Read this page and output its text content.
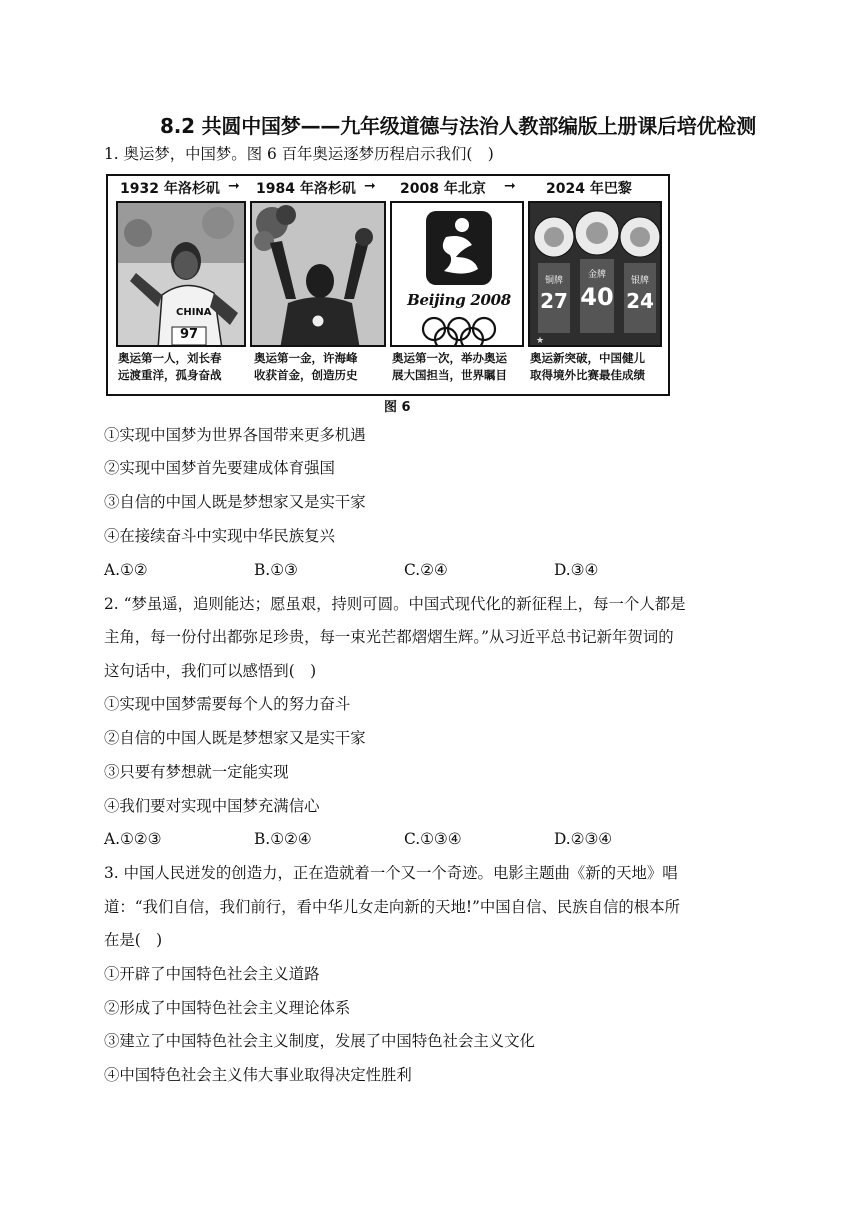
8.2 共圆中国梦——九年级道德与法治人教部编版上册课后培优检测
1. 奥运梦，中国梦。图 6 百年奥运逐梦历程启示我们(　)
1932 年洛杉矶 ➞ 1984 年洛杉矶 ➞ 2008 年北京 ➞ 2024 年巴黎
CHINA
97
Beijing 2008
★
铜牌
27
金牌
40
银牌
24
奥运第一人，刘长春
远渡重洋，孤身奋战
奥运第一金，许海峰
收获首金，创造历史
奥运第一次，举办奥运
展大国担当，世界瞩目
奥运新突破，中国健儿
取得境外比赛最佳成绩
图 6
①实现中国梦为世界各国带来更多机遇
②实现中国梦首先要建成体育强国
③自信的中国人既是梦想家又是实干家
④在接续奋斗中实现中华民族复兴
A.①②	B.①③	C.②④	D.③④
2. “梦虽遥，追则能达；愿虽艰，持则可圆。中国式现代化的新征程上，每一个人都是
主角，每一份付出都弥足珍贵，每一束光芒都熠熠生辉。”从习近平总书记新年贺词的
这句话中，我们可以感悟到(　)
①实现中国梦需要每个人的努力奋斗
②自信的中国人既是梦想家又是实干家
③只要有梦想就一定能实现
④我们要对实现中国梦充满信心
A.①②③	B.①②④	C.①③④	D.②③④
3. 中国人民迸发的创造力，正在造就着一个又一个奇迹。电影主题曲《新的天地》唱
道：“我们自信，我们前行，看中华儿女走向新的天地!”中国自信、民族自信的根本所
在是(　)
①开辟了中国特色社会主义道路
②形成了中国特色社会主义理论体系
③建立了中国特色社会主义制度，发展了中国特色社会主义文化
④中国特色社会主义伟大事业取得决定性胜利
